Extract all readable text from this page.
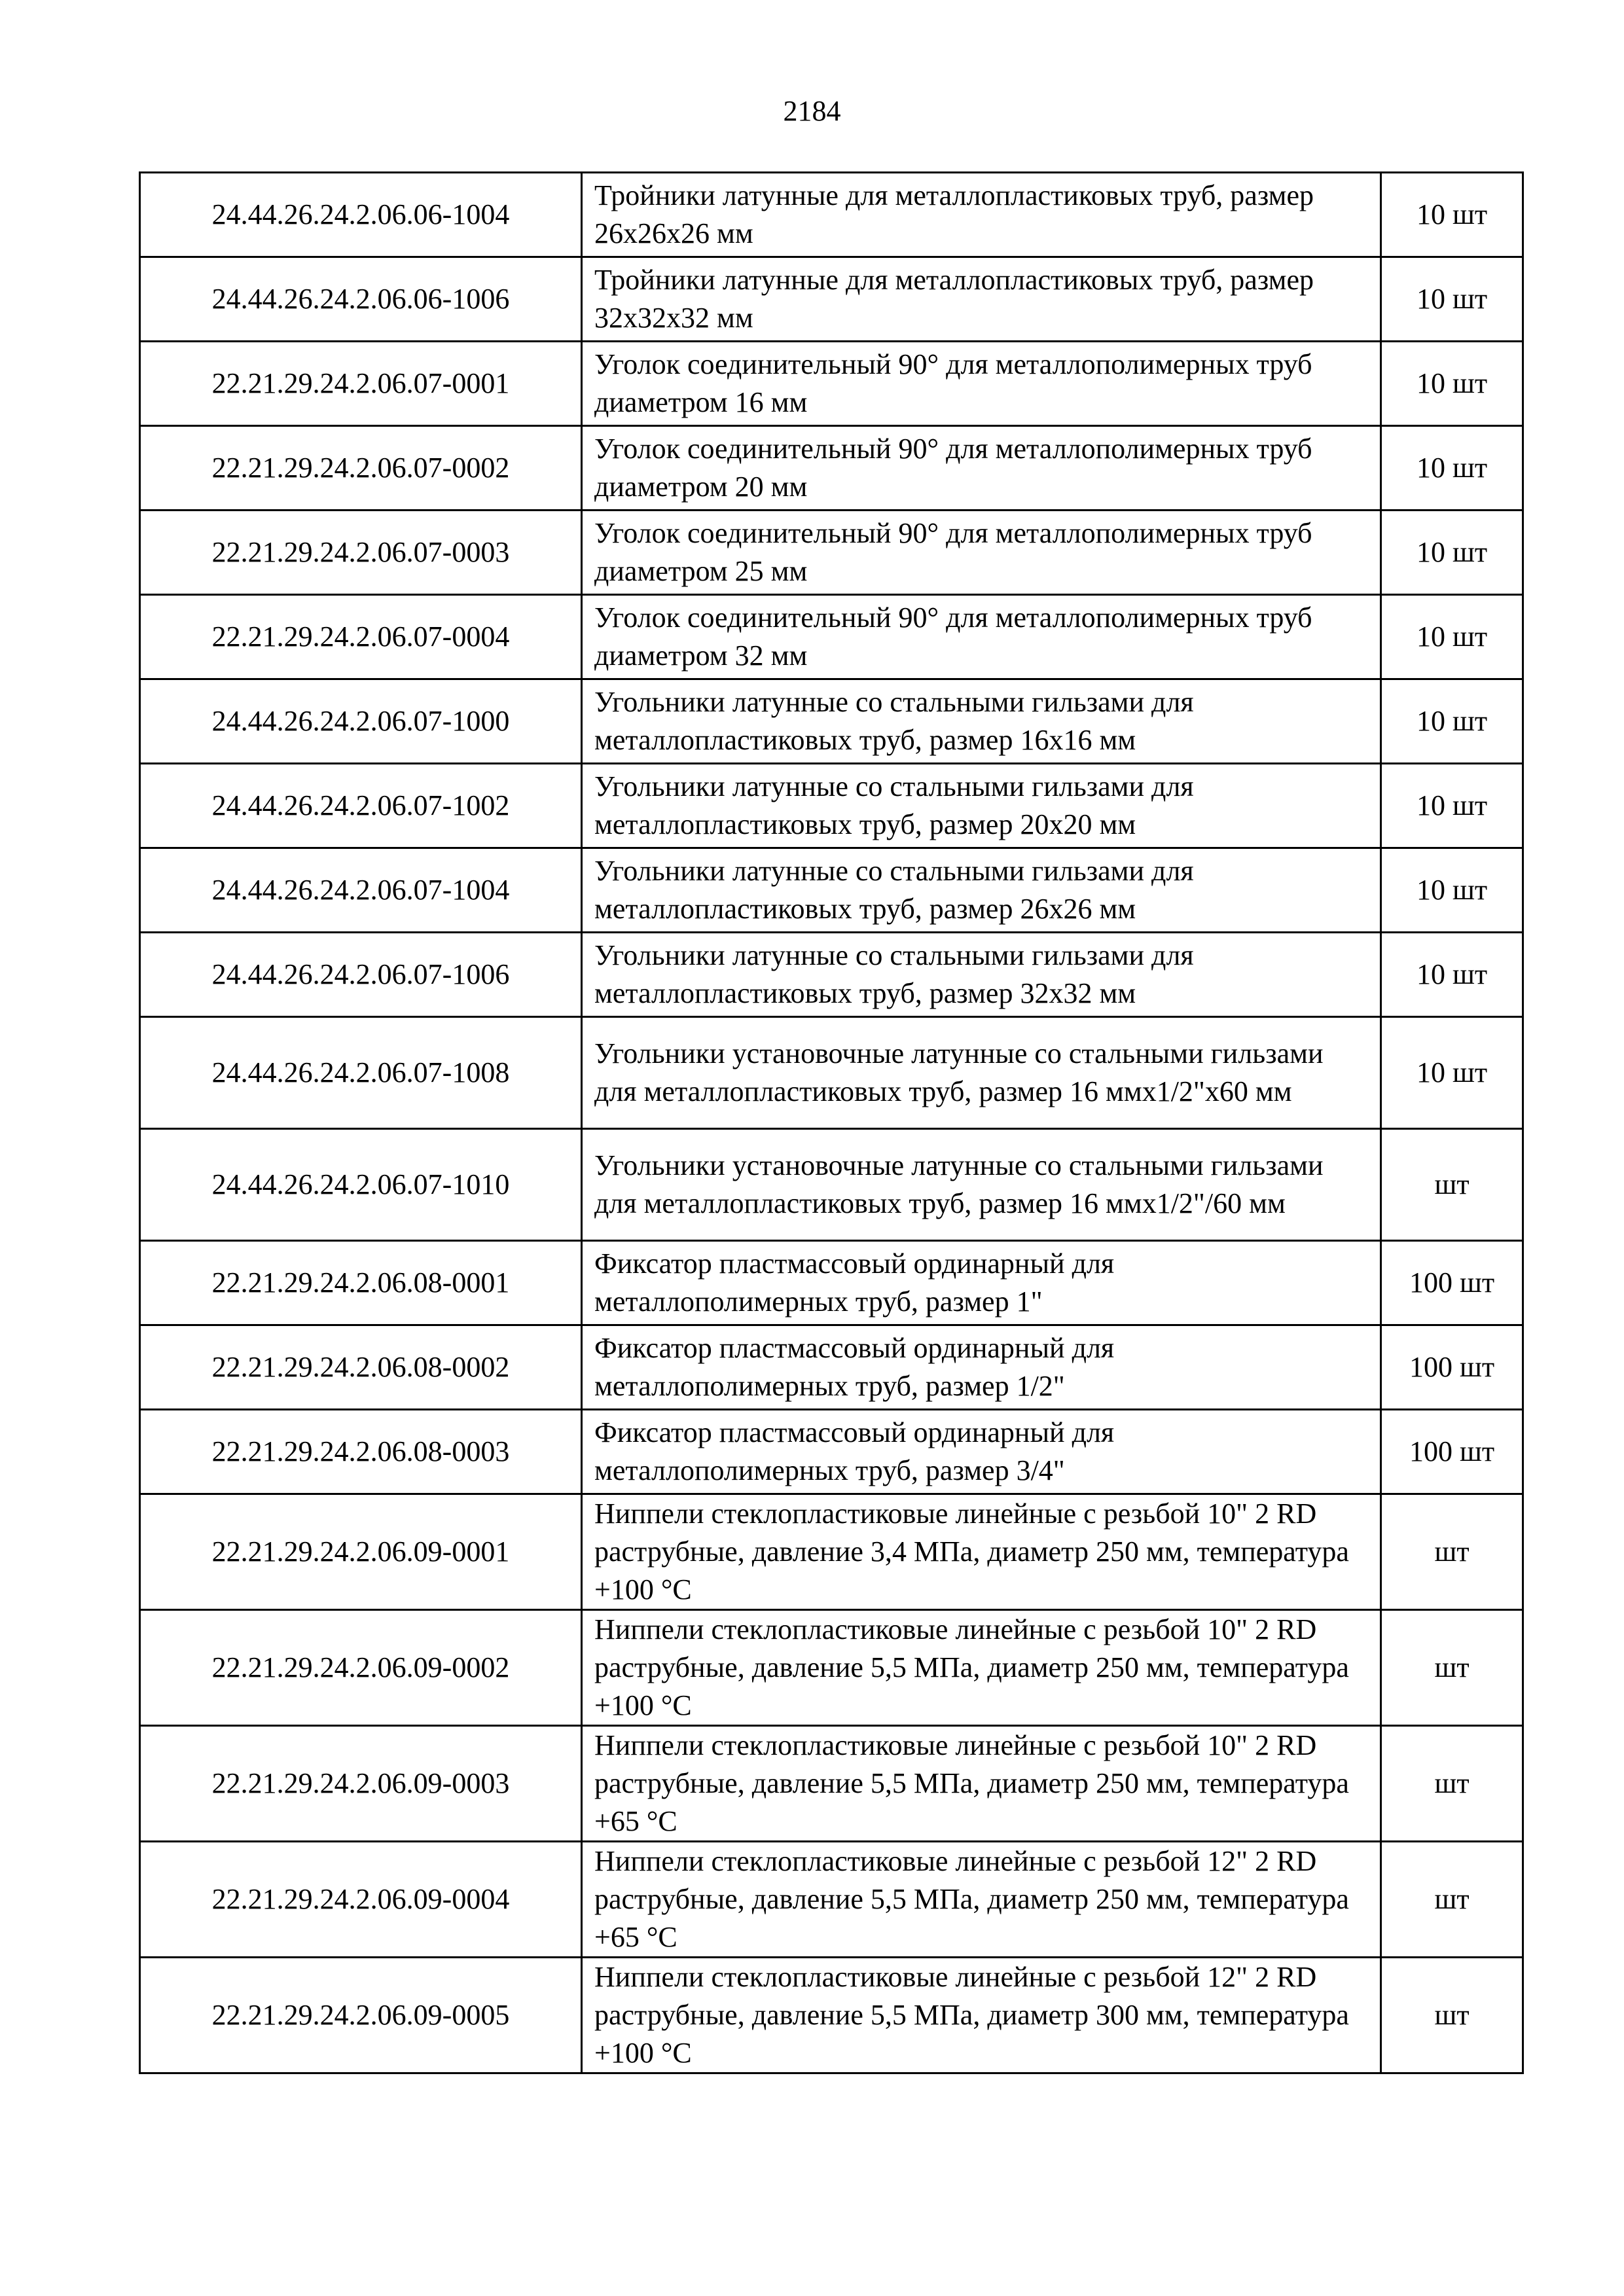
2184
24.44.26.24.2.06.06-1004	Тройники латунные для металлопластиковых труб, размер 26х26х26 мм	10 шт
24.44.26.24.2.06.06-1006	Тройники латунные для металлопластиковых труб, размер 32х32х32 мм	10 шт
22.21.29.24.2.06.07-0001	Уголок соединительный 90° для металлополимерных труб диаметром 16 мм	10 шт
22.21.29.24.2.06.07-0002	Уголок соединительный 90° для металлополимерных труб диаметром 20 мм	10 шт
22.21.29.24.2.06.07-0003	Уголок соединительный 90° для металлополимерных труб диаметром 25 мм	10 шт
22.21.29.24.2.06.07-0004	Уголок соединительный 90° для металлополимерных труб диаметром 32 мм	10 шт
24.44.26.24.2.06.07-1000	Угольники латунные со стальными гильзами для металлопластиковых труб, размер 16х16 мм	10 шт
24.44.26.24.2.06.07-1002	Угольники латунные со стальными гильзами для металлопластиковых труб, размер 20х20 мм	10 шт
24.44.26.24.2.06.07-1004	Угольники латунные со стальными гильзами для металлопластиковых труб, размер 26х26 мм	10 шт
24.44.26.24.2.06.07-1006	Угольники латунные со стальными гильзами для металлопластиковых труб, размер 32х32 мм	10 шт
24.44.26.24.2.06.07-1008	Угольники установочные латунные со стальными гильзами для металлопластиковых труб, размер 16 ммх1/2"х60 мм	10 шт
24.44.26.24.2.06.07-1010	Угольники установочные латунные со стальными гильзами для металлопластиковых труб, размер 16 ммх1/2"/60 мм	шт
22.21.29.24.2.06.08-0001	Фиксатор пластмассовый ординарный для металлополимерных труб, размер 1"	100 шт
22.21.29.24.2.06.08-0002	Фиксатор пластмассовый ординарный для металлополимерных труб, размер 1/2"	100 шт
22.21.29.24.2.06.08-0003	Фиксатор пластмассовый ординарный для металлополимерных труб, размер 3/4"	100 шт
22.21.29.24.2.06.09-0001	Ниппели стеклопластиковые линейные с резьбой 10" 2 RD раструбные, давление 3,4 МПа, диаметр 250 мм, температура +100 °С	шт
22.21.29.24.2.06.09-0002	Ниппели стеклопластиковые линейные с резьбой 10" 2 RD раструбные, давление 5,5 МПа, диаметр 250 мм, температура +100 °С	шт
22.21.29.24.2.06.09-0003	Ниппели стеклопластиковые линейные с резьбой 10" 2 RD раструбные, давление 5,5 МПа, диаметр 250 мм, температура +65 °С	шт
22.21.29.24.2.06.09-0004	Ниппели стеклопластиковые линейные с резьбой 12" 2 RD раструбные, давление 5,5 МПа, диаметр 250 мм, температура +65 °С	шт
22.21.29.24.2.06.09-0005	Ниппели стеклопластиковые линейные с резьбой 12" 2 RD раструбные, давление 5,5 МПа, диаметр 300 мм, температура +100 °С	шт
